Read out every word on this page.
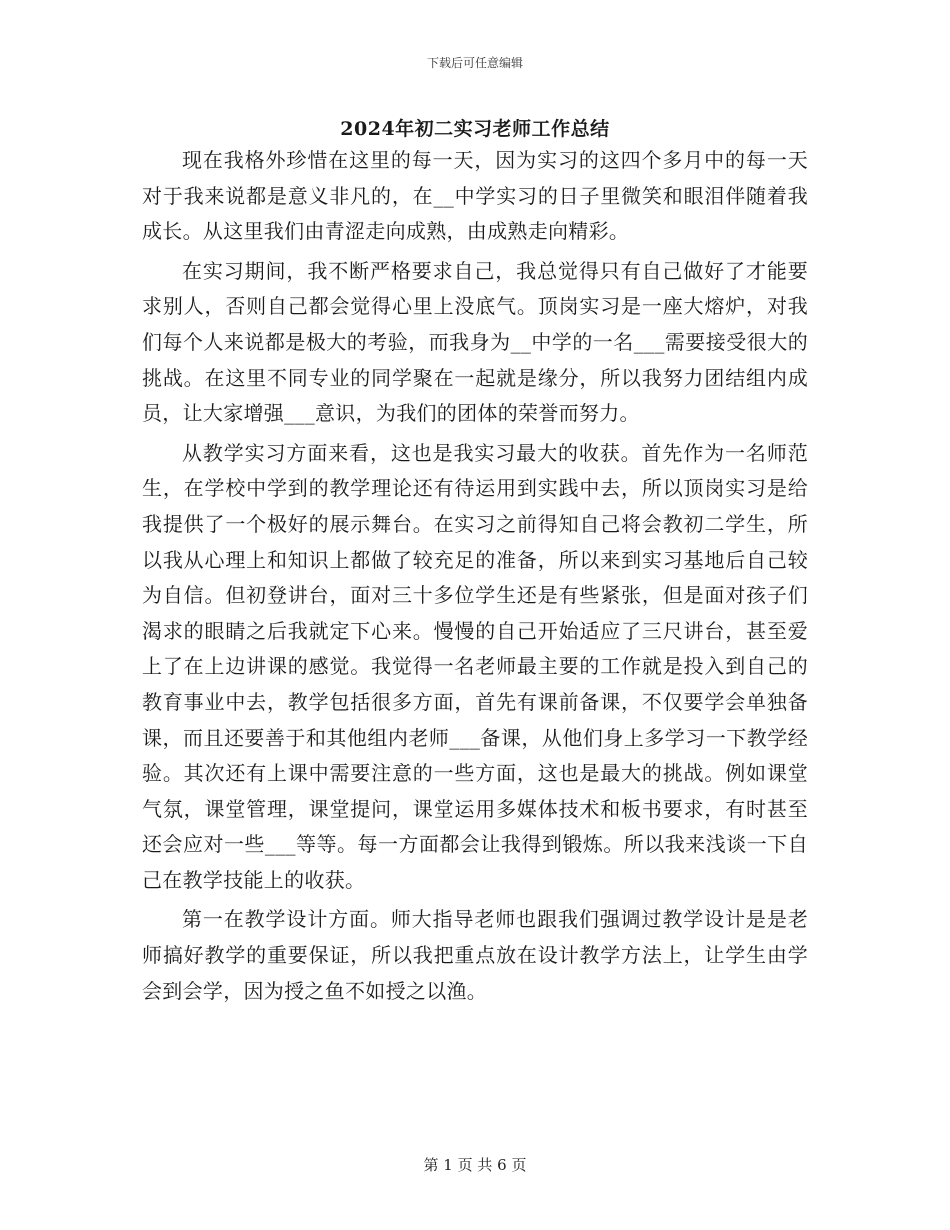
下载后可任意编辑
2024年初二实习老师工作总结

现在我格外珍惜在这里的每一天，因为实习的这四个多月中的每一天对于我来说都是意义非凡的，在__中学实习的日子里微笑和眼泪伴随着我成长。从这里我们由青涩走向成熟，由成熟走向精彩。

在实习期间，我不断严格要求自己，我总觉得只有自己做好了才能要求别人，否则自己都会觉得心里上没底气。顶岗实习是一座大熔炉，对我们每个人来说都是极大的考验，而我身为__中学的一名___需要接受很大的挑战。在这里不同专业的同学聚在一起就是缘分，所以我努力团结组内成员，让大家增强___意识，为我们的团体的荣誉而努力。

从教学实习方面来看，这也是我实习最大的收获。首先作为一名师范生，在学校中学到的教学理论还有待运用到实践中去，所以顶岗实习是给我提供了一个极好的展示舞台。在实习之前得知自己将会教初二学生，所以我从心理上和知识上都做了较充足的准备，所以来到实习基地后自己较为自信。但初登讲台，面对三十多位学生还是有些紧张，但是面对孩子们渴求的眼睛之后我就定下心来。慢慢的自己开始适应了三尺讲台，甚至爱上了在上边讲课的感觉。我觉得一名老师最主要的工作就是投入到自己的教育事业中去，教学包括很多方面，首先有课前备课，不仅要学会单独备课，而且还要善于和其他组内老师___备课，从他们身上多学习一下教学经验。其次还有上课中需要注意的一些方面，这也是最大的挑战。例如课堂气氛，课堂管理，课堂提问，课堂运用多媒体技术和板书要求，有时甚至还会应对一些___等等。每一方面都会让我得到锻炼。所以我来浅谈一下自己在教学技能上的收获。

第一在教学设计方面。师大指导老师也跟我们强调过教学设计是是老师搞好教学的重要保证，所以我把重点放在设计教学方法上，让学生由学会到会学，因为授之鱼不如授之以渔。

第 1 页 共 6 页
